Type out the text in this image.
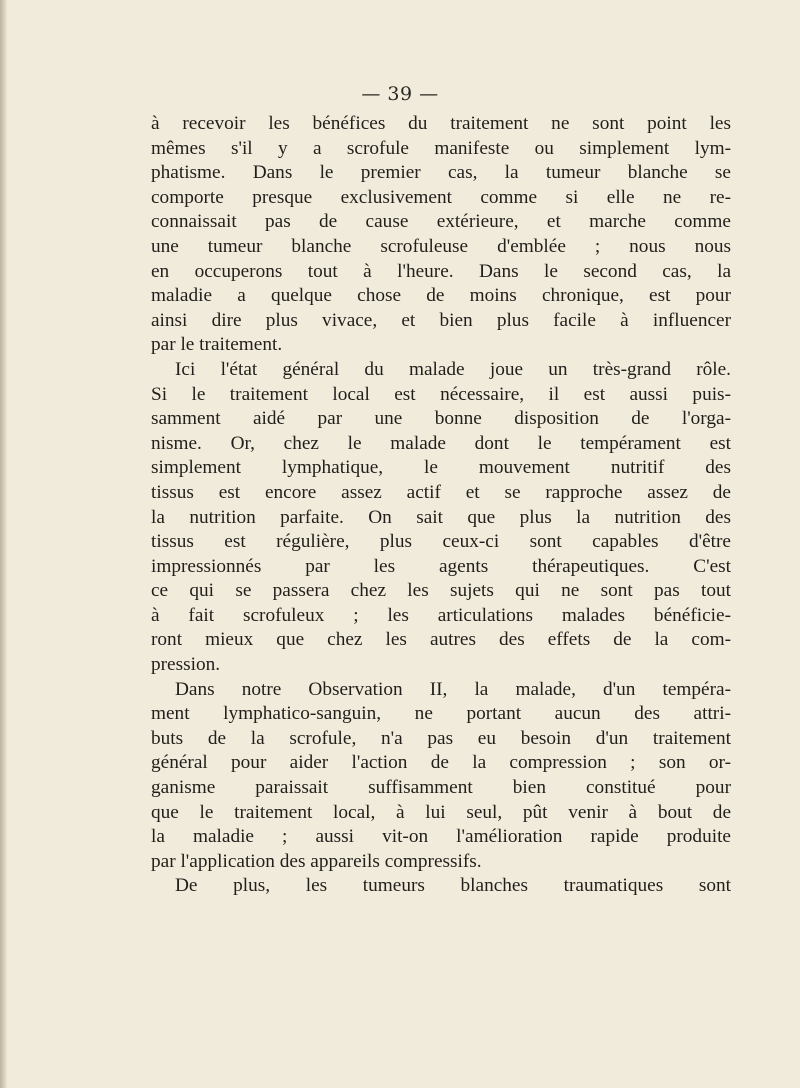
— 39 —
à recevoir les bénéfices du traitement ne sont point les
mêmes s'il y a scrofule manifeste ou simplement lym-
phatisme. Dans le premier cas, la tumeur blanche se
comporte presque exclusivement comme si elle ne re-
connaissait pas de cause extérieure, et marche comme
une tumeur blanche scrofuleuse d'emblée ; nous nous
en occuperons tout à l'heure. Dans le second cas, la
maladie a quelque chose de moins chronique, est pour
ainsi dire plus vivace, et bien plus facile à influencer
par le traitement.
Ici l'état général du malade joue un très-grand rôle.
Si le traitement local est nécessaire, il est aussi puis-
samment aidé par une bonne disposition de l'orga-
nisme. Or, chez le malade dont le tempérament est
simplement lymphatique, le mouvement nutritif des
tissus est encore assez actif et se rapproche assez de
la nutrition parfaite. On sait que plus la nutrition des
tissus est régulière, plus ceux-ci sont capables d'être
impressionnés par les agents thérapeutiques. C'est
ce qui se passera chez les sujets qui ne sont pas tout
à fait scrofuleux ; les articulations malades bénéficie-
ront mieux que chez les autres des effets de la com-
pression.
Dans notre Observation II, la malade, d'un tempéra-
ment lymphatico-sanguin, ne portant aucun des attri-
buts de la scrofule, n'a pas eu besoin d'un traitement
général pour aider l'action de la compression ; son or-
ganisme paraissait suffisamment bien constitué pour
que le traitement local, à lui seul, pût venir à bout de
la maladie ; aussi vit-on l'amélioration rapide produite
par l'application des appareils compressifs.
De plus, les tumeurs blanches traumatiques sont
